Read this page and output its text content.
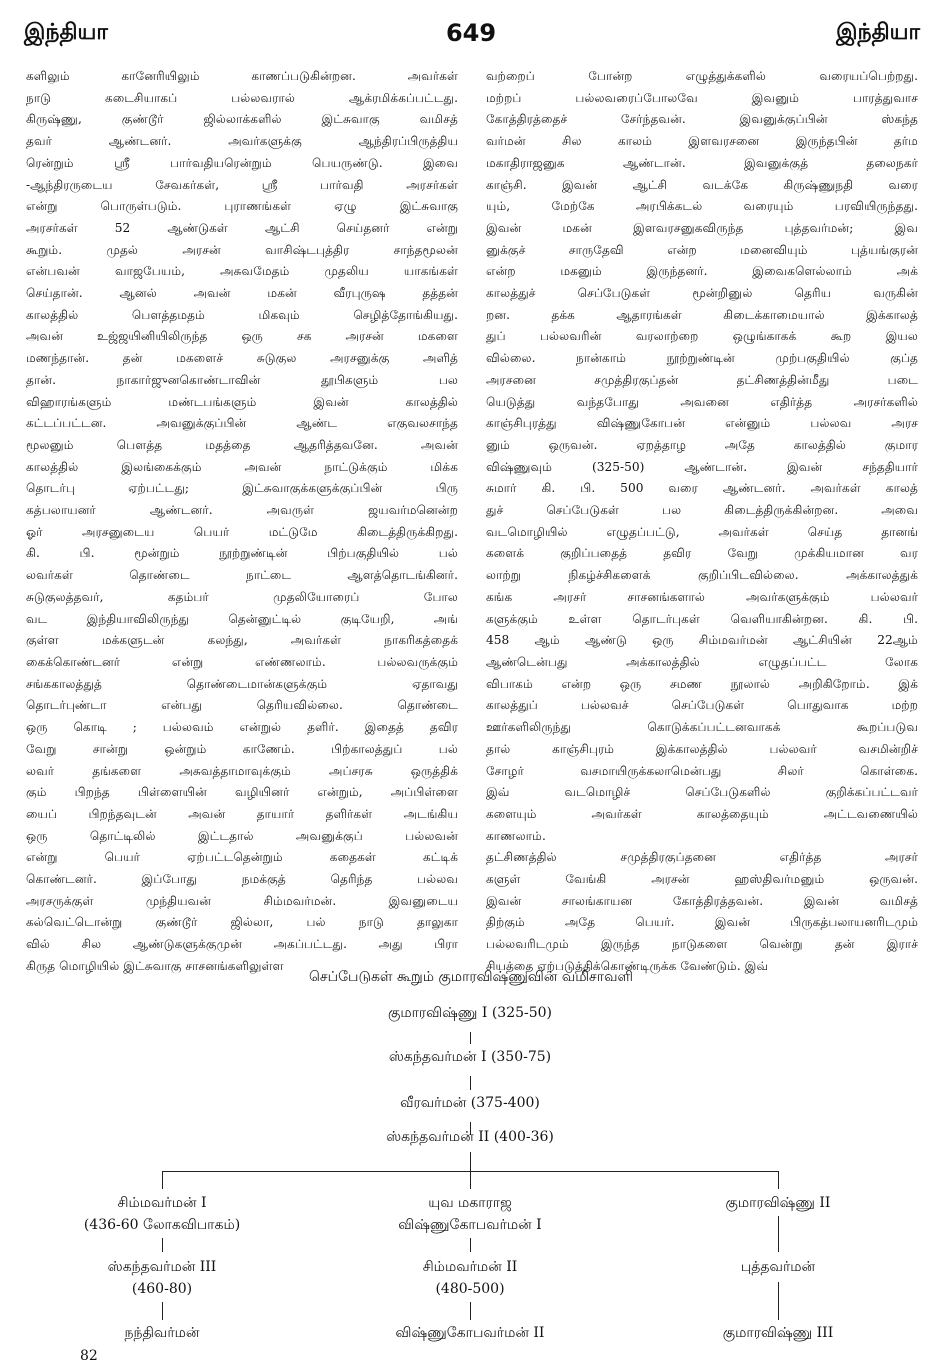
இந்தியா	649	இந்தியா

களிலும் கானேரியிலும் காணப்படுகின்றன. அவர்கள்

நாடு கடைசியாகப் பல்லவரால் ஆக்ரமிக்கப்பட்டது.

கிருஷ்ணு, குண்டூர் ஜில்லாக்களில் இட்சுவாகு வமிசத்

தவர் ஆண்டனர். அவர்களுக்கு ஆந்திரப்பிருத்திய

ரென்றும் ஸ்ரீ பார்வதியரென்றும் பெயருண்டு. இவை

-ஆந்திரருடைய சேவகர்கள், ஸ்ரீ பார்வதி அரசர்கள்

என்று பொருள்படும். புராணங்கள் ஏழு இட்சுவாகு

அரசர்கள் 52 ஆண்டுகள் ஆட்சி செய்தனர் என்று

கூறும். முதல் அரசன் வாசிஷ்டபுத்திர சாந்தமூலன்

என்பவன் வாஜபேயம், அசுவமேதம் முதலிய யாகங்கள்

செய்தான். ஆனல் அவன் மகன் வீரபுருஷ தத்தன்

காலத்தில் பௌத்தமதம் மிகவும் செழித்தோங்கியது.

அவன் உஜ்ஜயினியிலிருந்த ஒரு சக அரசன் மகளை

மணந்தான். தன் மகளைச் சுடுகுல அரசனுக்கு அளித்

தான். நாகார்ஜுனகொண்டாவின் தூபிகளும் பல

விஹாரங்களும் மண்டபங்களும் இவன் காலத்தில்

கட்டப்பட்டன. அவனுக்குப்பின் ஆண்ட எகுவலசாந்த

மூலனும் பௌத்த மதத்தை ஆதரித்தவனே. அவன்

காலத்தில் இலங்கைக்கும் அவன் நாட்டுக்கும் மிக்க

தொடர்பு ஏற்பட்டது; இட்சுவாகுக்களுக்குப்பின் பிரு

கத்பலாயனர் ஆண்டனர். அவருள் ஜயவர்மனென்ற

ஓர் அரசனுடைய பெயர் மட்டுமே கிடைத்திருக்கிறது.

கி. பி. மூன்றும் நூற்றுண்டின் பிற்பகுதியில் பல்

லவர்கள் தொண்டை நாட்டை ஆளத்தொடங்கினர்.

சுடுகுலத்தவர், கதம்பர் முதலியோரைப் போல

வட இந்தியாவிலிருந்து தென்னுட்டில் குடியேறி, அங்

குள்ள மக்களுடன் கலந்து, அவர்கள் நாகரிகத்தைக்

கைக்கொண்டனர் என்று எண்ணலாம். பல்லவருக்கும்

சங்ககாலத்துத் தொண்டைமான்களுக்கும் ஏதாவது

தொடர்புண்டா என்பது தெரியவில்லை. தொண்டை

ஒரு கொடி ; பல்லவம் என்றுல் தளிர். இதைத் தவிர

வேறு சான்று ஒன்றும் காணேம். பிற்காலத்துப் பல்

லவர் தங்களை அசுவத்தாமாவுக்கும் அப்சரசு ஒருத்திக்

கும் பிறந்த பிள்ளையின் வழியினர் என்றும், அப்பிள்ளை

யைப் பிறந்தவுடன் அவன் தாயார் தளிர்கள் அடங்கிய

ஒரு தொட்டிலில் இட்டதால் அவனுக்குப் பல்லவன்

என்று பெயர் ஏற்பட்டதென்றும் கதைகள் கட்டிக்

கொண்டனர். இப்போது நமக்குத் தெரிந்த பல்லவ

அரசருக்குள் முந்தியவன் சிம்மவர்மன். இவனுடைய

கல்வெட்டொன்று குண்டூர் ஜில்லா, பல் நாடு தாலுகா

வில் சில ஆண்டுகளுக்குமுன் அகப்பட்டது. அது பிரா

கிருத மொழியில் இட்சுவாகு சாசனங்களிலுள்ள

வற்றைப் போன்ற எழுத்துக்களில் வரையப்பெற்றது.

மற்றப் பல்லவரைப்போலவே இவனும் பாரத்துவாச

கோத்திரத்தைச் சேர்ந்தவன். இவனுக்குப்பின் ஸ்கந்த

வர்மன் சில காலம் இளவரசனை இருந்தபின் தர்ம

மகாதிராஜனுக ஆண்டான். இவனுக்குத் தலைநகர்

காஞ்சி. இவன் ஆட்சி வடக்கே கிருஷ்ணுநதி வரை

யும், மேற்கே அரபிக்கடல் வரையும் பரவியிருந்தது.

இவன் மகன் இளவரசனுகவிருந்த புத்தவர்மன்; இவ

னுக்குச் சாருதேவி என்ற மனைவியும் புத்யங்குரன்

என்ற மகனும் இருந்தனர். இவைகளெல்லாம் அக்

காலத்துச் செப்பேடுகள் மூன்றினுல் தெரிய வருகின்

றன. தக்க ஆதாரங்கள் கிடைக்காமையால் இக்காலத்

துப் பல்லவரின் வரலாற்றை ஒழுங்காகக் கூற இயல

வில்லை. நான்காம் நூற்றுண்டின் முற்பகுதியில் குப்த

அரசனை சமுத்திரகுப்தன் தட்சிணத்தின்மீது படை

யெடுத்து வந்தபோது அவனை எதிர்த்த அரசர்களில்

காஞ்சிபுரத்து விஷ்ணுகோபன் என்னும் பல்லவ அரச

னும் ஒருவன். ஏறத்தாழ அதே காலத்தில் குமார

விஷ்ணுவும் (325-50) ஆண்டான். இவன் சந்ததியார்

சுமார் கி. பி. 500 வரை ஆண்டனர். அவர்கள் காலத்

துச் செப்பேடுகள் பல கிடைத்திருக்கின்றன. அவை

வடமொழியில் எழுதப்பட்டு, அவர்கள் செய்த தானங்

களைக் குறிப்பதைத் தவிர வேறு முக்கியமான வர

லாற்று நிகழ்ச்சிகளைக் குறிப்பிடவில்லை. அக்காலத்துக்

கங்க அரசர் சாசனங்களால் அவர்களுக்கும் பல்லவர்

களுக்கும் உள்ள தொடர்புகள் வெளியாகின்றன. கி. பி.

458 ஆம் ஆண்டு ஒரு சிம்மவர்மன் ஆட்சியின் 22ஆம்

ஆண்டென்பது அக்காலத்தில் எழுதப்பட்ட லோக

விபாகம் என்ற ஒரு சமண நூலால் அறிகிறோம். இக்

காலத்துப் பல்லவச் செப்பேடுகள் பொதுவாக மற்ற

ஊர்களிலிருந்து கொடுக்கப்பட்டனவாகக் கூறப்படுவ

தால் காஞ்சிபுரம் இக்காலத்தில் பல்லவர் வசமின்றிச்

சோழர் வசமாயிருக்கலாமென்பது சிலர் கொள்கை.

இவ் வடமொழிச் செப்பேடுகளில் குறிக்கப்பட்டவர்

களையும் அவர்கள் காலத்தையும் அட்டவணையில்

காணலாம்.

தட்சிணத்தில் சமுத்திரகுப்தனை எதிர்த்த அரசர்

களுள் வேங்கி அரசன் ஹஸ்திவர்மனும் ஒருவன்.

இவன் சாலங்காயன கோத்திரத்தவன். இவன் வமிசத்

திற்கும் அதே பெயர். இவன் பிருகத்பலாயனரிடமும்

பல்லவரிடமும் இருந்த நாடுகளை வென்று தன் இராச்

சியத்தை ஏற்படுத்திக்கொண்டிருக்க வேண்டும். இவ்

செப்பேடுகள் கூறும் குமாரவிஷ்ணுவின் வமிசாவளி
குமாரவிஷ்ணு I (325-50)
ஸ்கந்தவர்மன் I (350-75)
வீரவர்மன் (375-400)
ஸ்கந்தவர்மன் II (400-36)
சிம்மவர்மன் I
(436-60 லோகவிபாகம்)
ஸ்கந்தவர்மன் III
(460-80)
நந்திவர்மன்
யுவ மகாராஜ
விஷ்ணுகோபவர்மன் I
சிம்மவர்மன் II
(480-500)
விஷ்ணுகோபவர்மன் II
குமாரவிஷ்ணு II
புத்தவர்மன்
குமாரவிஷ்ணு III
82
